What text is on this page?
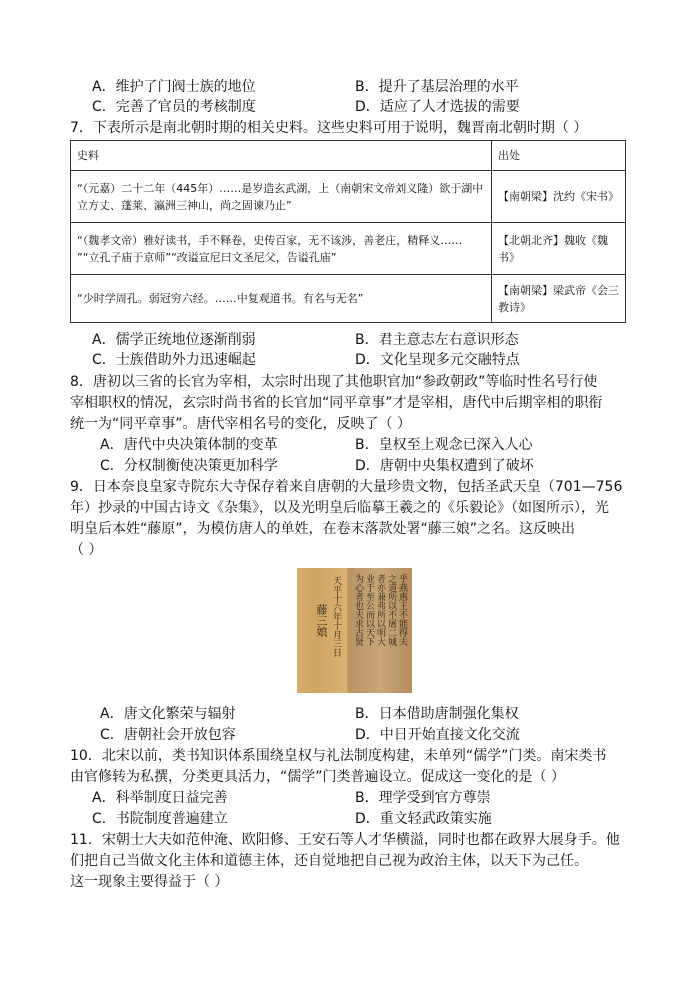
A．维护了门阀士族的地位	B．提升了基层治理的水平
C．完善了官员的考核制度	D．适应了人才选拔的需要
7．下表所示是南北朝时期的相关史料。这些史料可用于说明，魏晋南北朝时期（ ）
史料	出处
“（元嘉）二十二年（445年）……是岁造玄武湖，上（南朝宋文帝刘义隆）欲于湖中立方丈、蓬莱、瀛洲三神山，尚之固谏乃止”	【南朝梁】沈约《宋书》
“（魏孝文帝）雅好读书，手不释卷，史传百家，无不该涉，善老庄，精释义…… ”“立孔子庙于京师”“改谥宣尼曰文圣尼父，告谥孔庙”	【北朝北齐】魏收《魏书》
“少时学周孔。弱冠穷六经。……中复观道书。有名与无名”	【南朝梁】梁武帝《会三教诗》
A．儒学正统地位逐渐削弱	B．君主意志左右意识形态
C．士族借助外力迅速崛起	D．文化呈现多元交融特点
8．唐初以三省的长官为宰相，太宗时出现了其他职官加“参政朝政”等临时性名号行使
宰相职权的情况，玄宗时尚书省的长官加“同平章事”才是宰相，唐代中后期宰相的职衔
统一为“同平章事”。唐代宰相名号的变化，反映了（ ）
A．唐代中央决策体制的变革	B．皇权至上观念已深入人心
C．分权制衡使决策更加科学	D．唐朝中央集权遭到了破坏
9．日本奈良皇家寺院东大寺保存着来自唐朝的大量珍贵文物，包括圣武天皇（701—756
年）抄录的中国古诗文《杂集》，以及光明皇后临摹王羲之的《乐毅论》（如图所示），光
明皇后本姓“藤原”，为模仿唐人的单姓，在卷末落款处署“藤三娘”之名。这反映出
（ ）
天平十六年十月三日
藤三娘	乎燕惠王不能得夫
之道所以不屠二城
者亦兼弗所以明大
业于至公而以天下
为心者也夫求古贤
A．唐文化繁荣与辐射	B．日本借助唐制强化集权
C．唐朝社会开放包容	D．中日开始直接文化交流
10．北宋以前，类书知识体系围绕皇权与礼法制度构建，未单列“儒学”门类。南宋类书
由官修转为私撰，分类更具活力，“儒学”门类普遍设立。促成这一变化的是（ ）
A．科举制度日益完善	B．理学受到官方尊崇
C．书院制度普遍建立	D．重文轻武政策实施
11．宋朝士大夫如范仲淹、欧阳修、王安石等人才华横溢，同时也都在政界大展身手。他
们把自己当做文化主体和道德主体，还自觉地把自己视为政治主体，以天下为己任。
这一现象主要得益于（ ）
